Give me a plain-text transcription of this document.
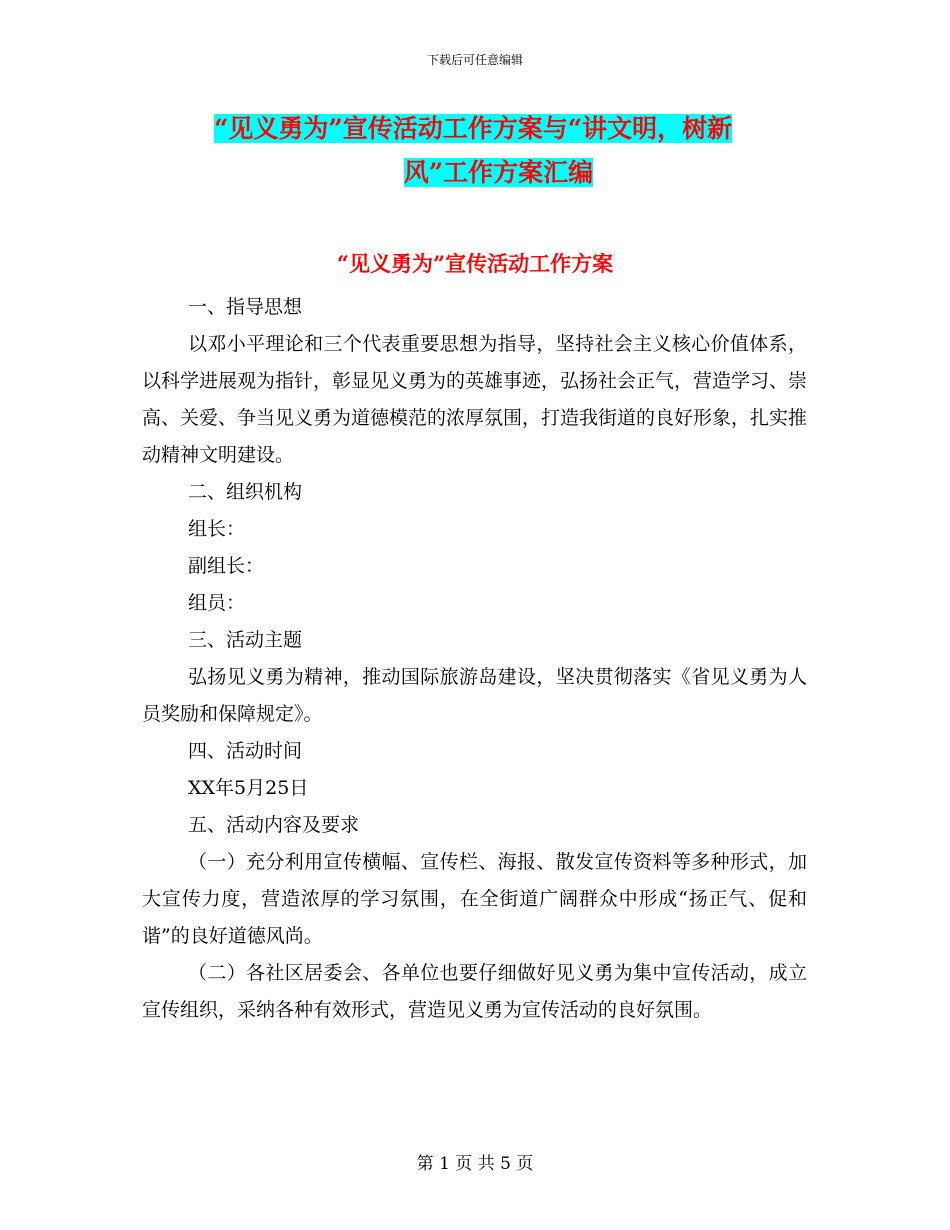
下载后可任意编辑
“见义勇为”宣传活动工作方案与“讲文明，树新
风”工作方案汇编
“见义勇为”宣传活动工作方案

一、指导思想

以邓小平理论和三个代表重要思想为指导，坚持社会主义核心价值体系，以科学进展观为指针，彰显见义勇为的英雄事迹，弘扬社会正气，营造学习、崇高、关爱、争当见义勇为道德模范的浓厚氛围，打造我街道的良好形象，扎实推动精神文明建设。

二、组织机构

组长：

副组长：

组员：

三、活动主题

弘扬见义勇为精神，推动国际旅游岛建设，坚决贯彻落实《省见义勇为人员奖励和保障规定》。

四、活动时间

XX年5月25日

五、活动内容及要求

（一）充分利用宣传横幅、宣传栏、海报、散发宣传资料等多种形式，加大宣传力度，营造浓厚的学习氛围，在全街道广阔群众中形成“扬正气、促和谐”的良好道德风尚。

（二）各社区居委会、各单位也要仔细做好见义勇为集中宣传活动，成立宣传组织，采纳各种有效形式，营造见义勇为宣传活动的良好氛围。

第 1 页 共 5 页
